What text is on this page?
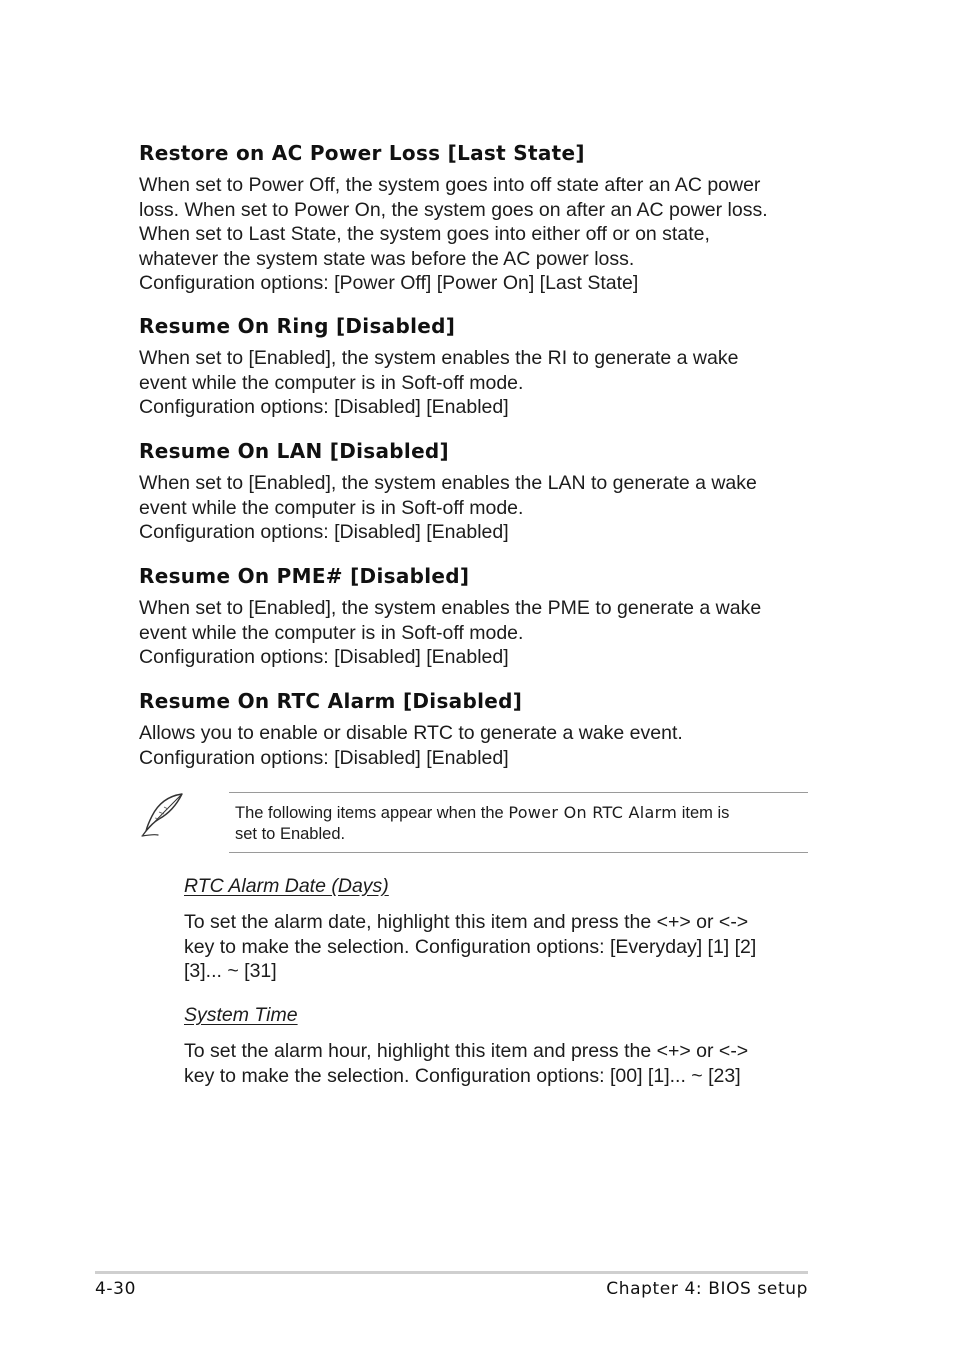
Restore on AC Power Loss [Last State]

When set to Power Off, the system goes into off state after an AC power

loss. When set to Power On, the system goes on after an AC power loss.

When set to Last State, the system goes into either off or on state,

whatever the system state was before the AC power loss.

Configuration options: [Power Off] [Power On] [Last State]

Resume On Ring [Disabled]

When set to [Enabled], the system enables the RI to generate a wake

event while the computer is in Soft-off mode.

Configuration options: [Disabled] [Enabled]

Resume On LAN [Disabled]

When set to [Enabled], the system enables the LAN to generate a wake

event while the computer is in Soft-off mode.

Configuration options: [Disabled] [Enabled]

Resume On PME# [Disabled]

When set to [Enabled], the system enables the PME to generate a wake

event while the computer is in Soft-off mode.

Configuration options: [Disabled] [Enabled]

Resume On RTC Alarm [Disabled]

Allows you to enable or disable RTC to generate a wake event.

Configuration options: [Disabled] [Enabled]

The following items appear when the Power On RTC Alarm item is
set to Enabled.

RTC Alarm Date (Days)

To set the alarm date, highlight this item and press the <+> or <->

key to make the selection. Configuration options: [Everyday] [1] [2]

[3]... ~ [31]

System Time

To set the alarm hour, highlight this item and press the <+> or <->

key to make the selection. Configuration options: [00] [1]... ~ [23]

4-30	Chapter 4: BIOS setup
